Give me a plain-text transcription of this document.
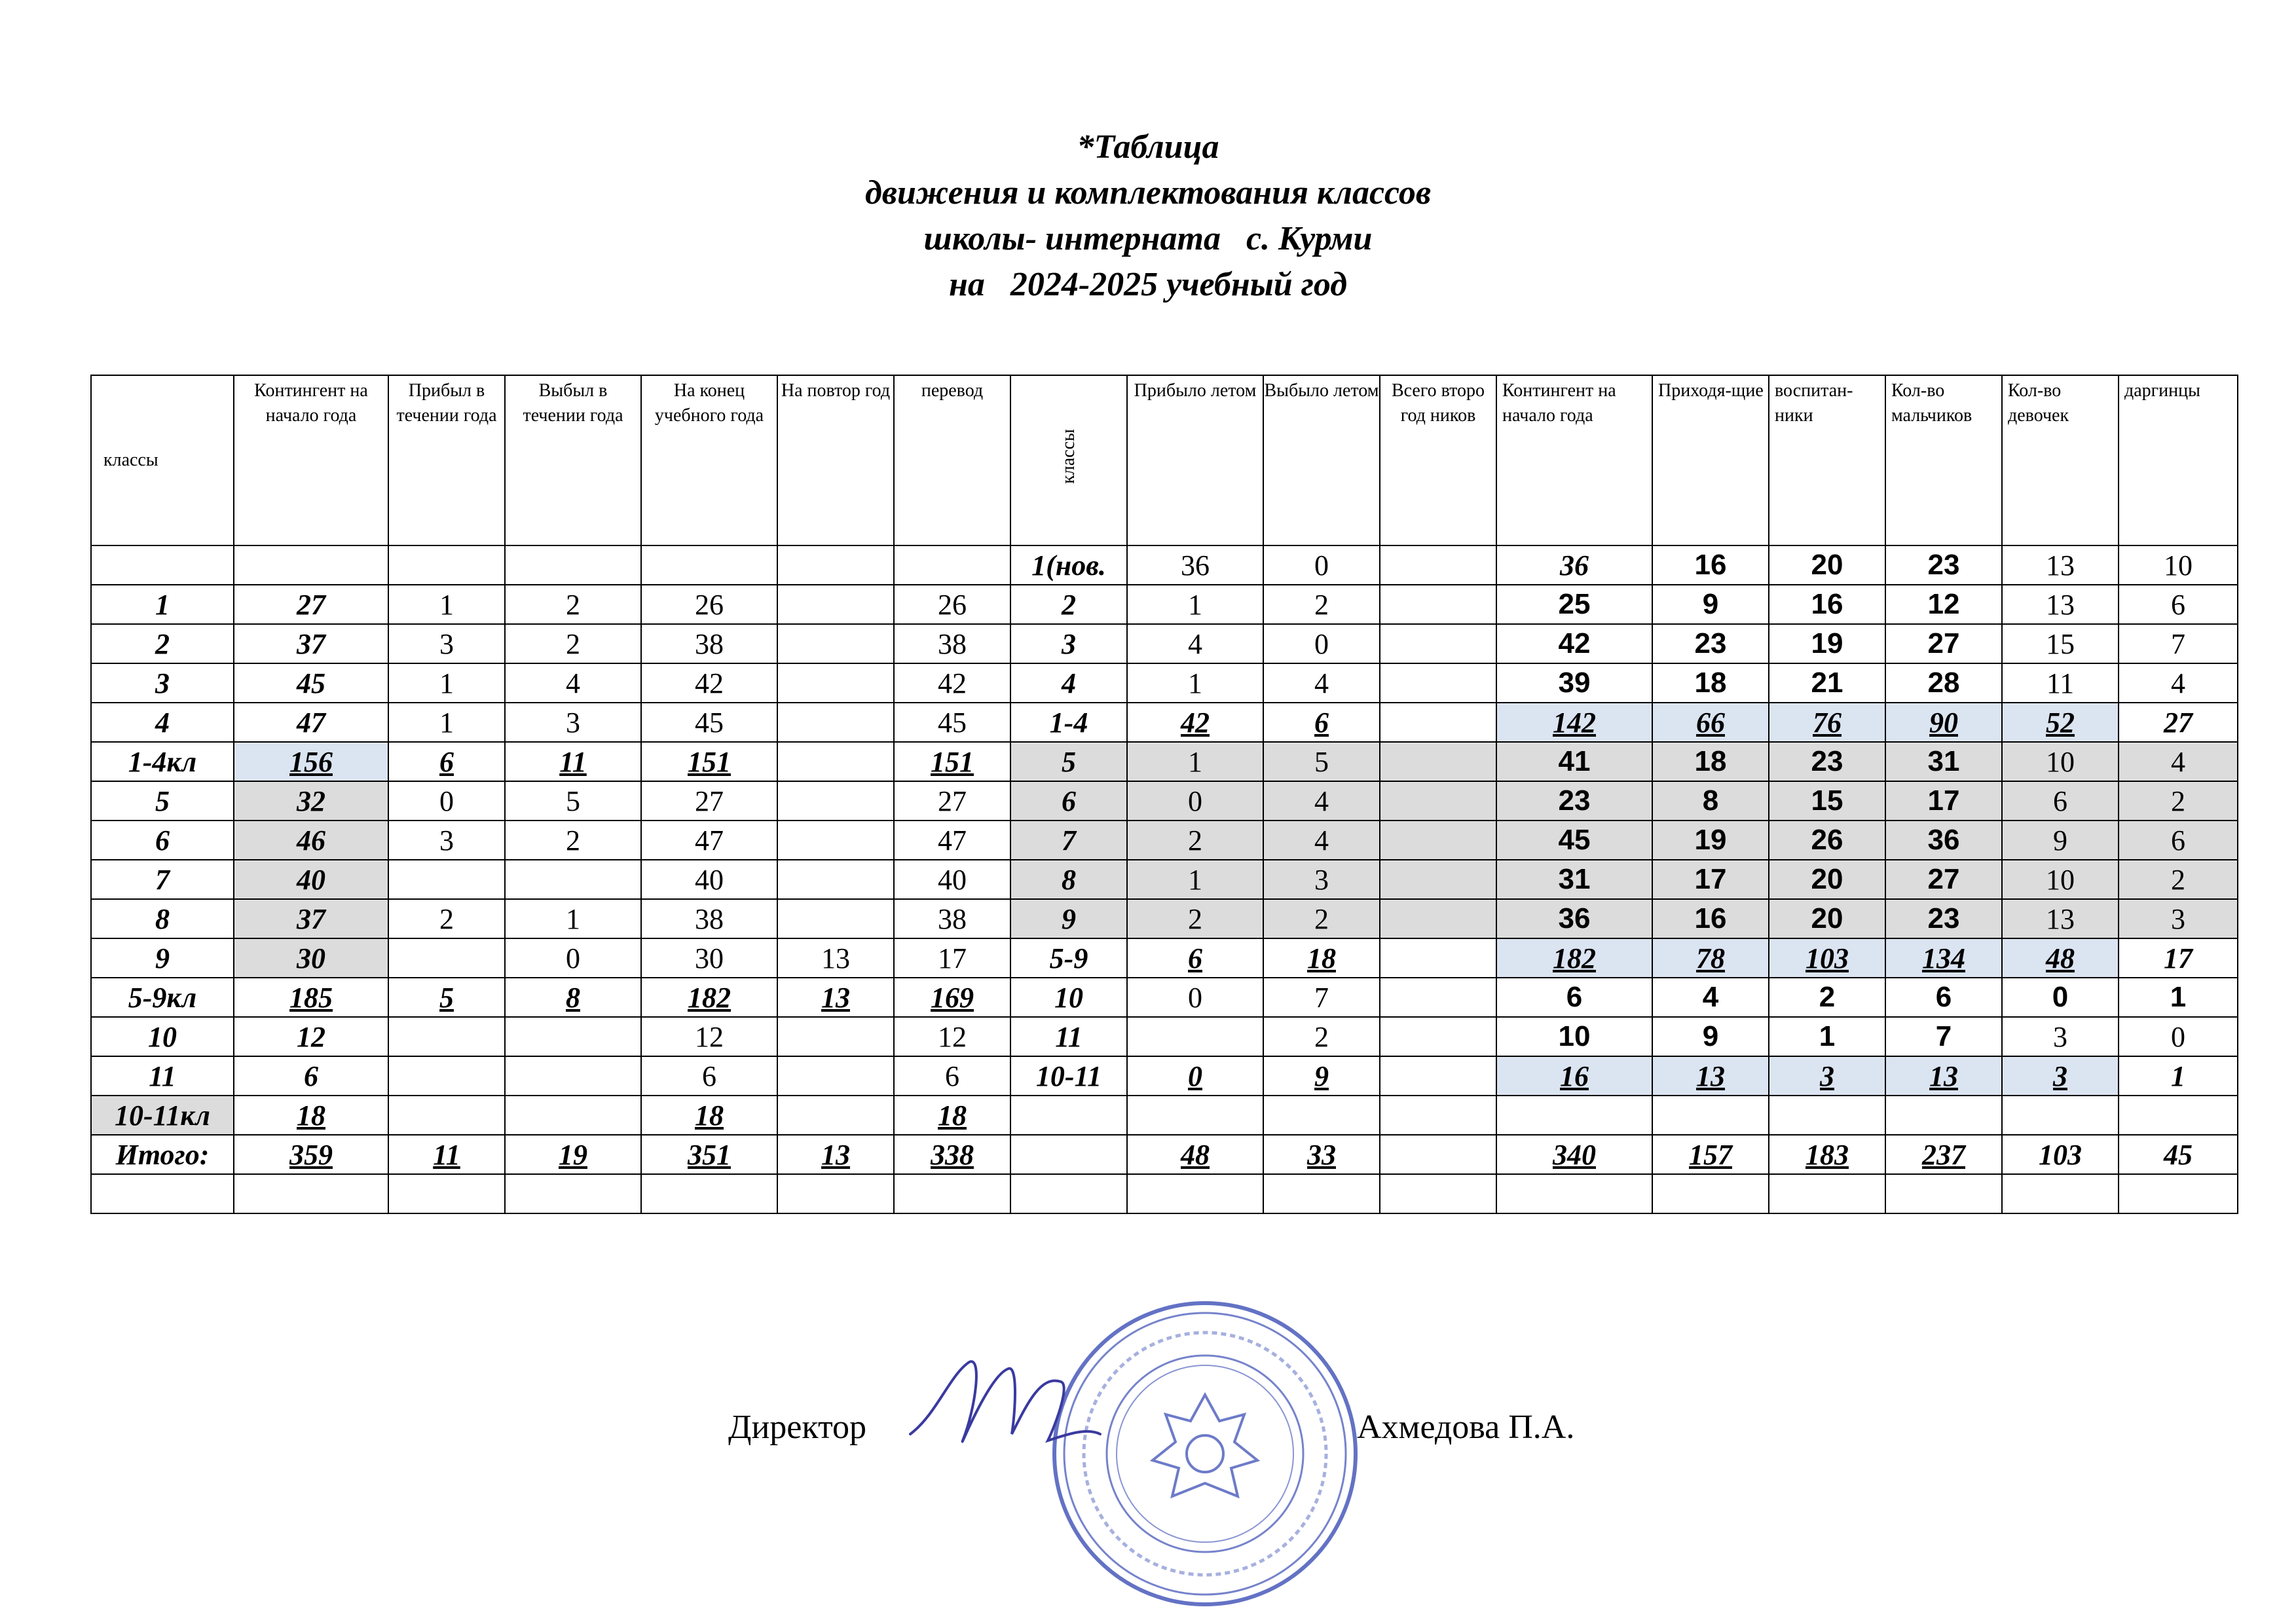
*Таблица
движения и комплектования классов
школы- интерната   с. Курми
на   2024-2025 учебный год
классы	Контингент на начало года	Прибыл в течении года	Выбыл в течении года	На конец учебного года	На повтор год	перевод	классы	Прибыло летом	Выбыло летом	Всего второ год ников	Контингент на начало года	Приходя-щие	воспитан-ники	Кол-во мальчиков	Кол-во девочек	даргинцы
							1(нов.	36	0		36	16	20	23	13	10
1	27	1	2	26		26	2	1	2		25	9	16	12	13	6
2	37	3	2	38		38	3	4	0		42	23	19	27	15	7
3	45	1	4	42		42	4	1	4		39	18	21	28	11	4
4	47	1	3	45		45	1-4	42	6		142	66	76	90	52	27
1-4кл	156	6	11	151		151	5	1	5		41	18	23	31	10	4
5	32	0	5	27		27	6	0	4		23	8	15	17	6	2
6	46	3	2	47		47	7	2	4		45	19	26	36	9	6
7	40			40		40	8	1	3		31	17	20	27	10	2
8	37	2	1	38		38	9	2	2		36	16	20	23	13	3
9	30		0	30	13	17	5-9	6	18		182	78	103	134	48	17
5-9кл	185	5	8	182	13	169	10	0	7		6	4	2	6	0	1
10	12			12		12	11		2		10	9	1	7	3	0
11	6			6		6	10-11	0	9		16	13	3	13	3	1
10-11кл	18			18		18										
Итого:	359	11	19	351	13	338		48	33		340	157	183	237	103	45

Директор	Ахмедова П.А.
